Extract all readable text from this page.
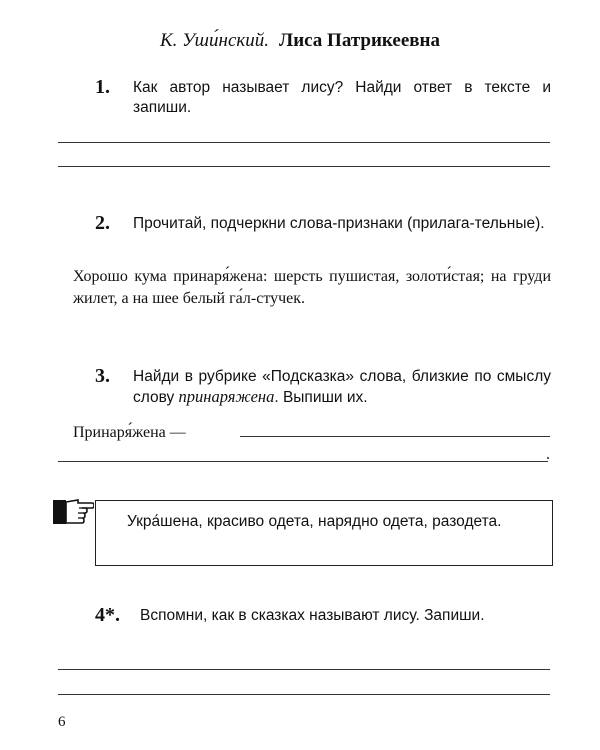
К. Уши́нский. Лиса Патрикеевна
1. Как автор называет лису? Найди ответ в тексте и запиши.
2. Прочитай, подчеркни слова-признаки (прилага-тельные).
Хорошо кума принаря́жена: шерсть пушистая, золоти́стая; на груди жилет, а на шее белый га́л-стучек.
3. Найди в рубрике «Подсказка» слова, близкие по смыслу слову принаряжена. Выпиши их.
Принаря́жена —
.
Укра́шена, красиво одета, нарядно одета, разодета.
4*. Вспомни, как в сказках называют лису. Запиши.
6
